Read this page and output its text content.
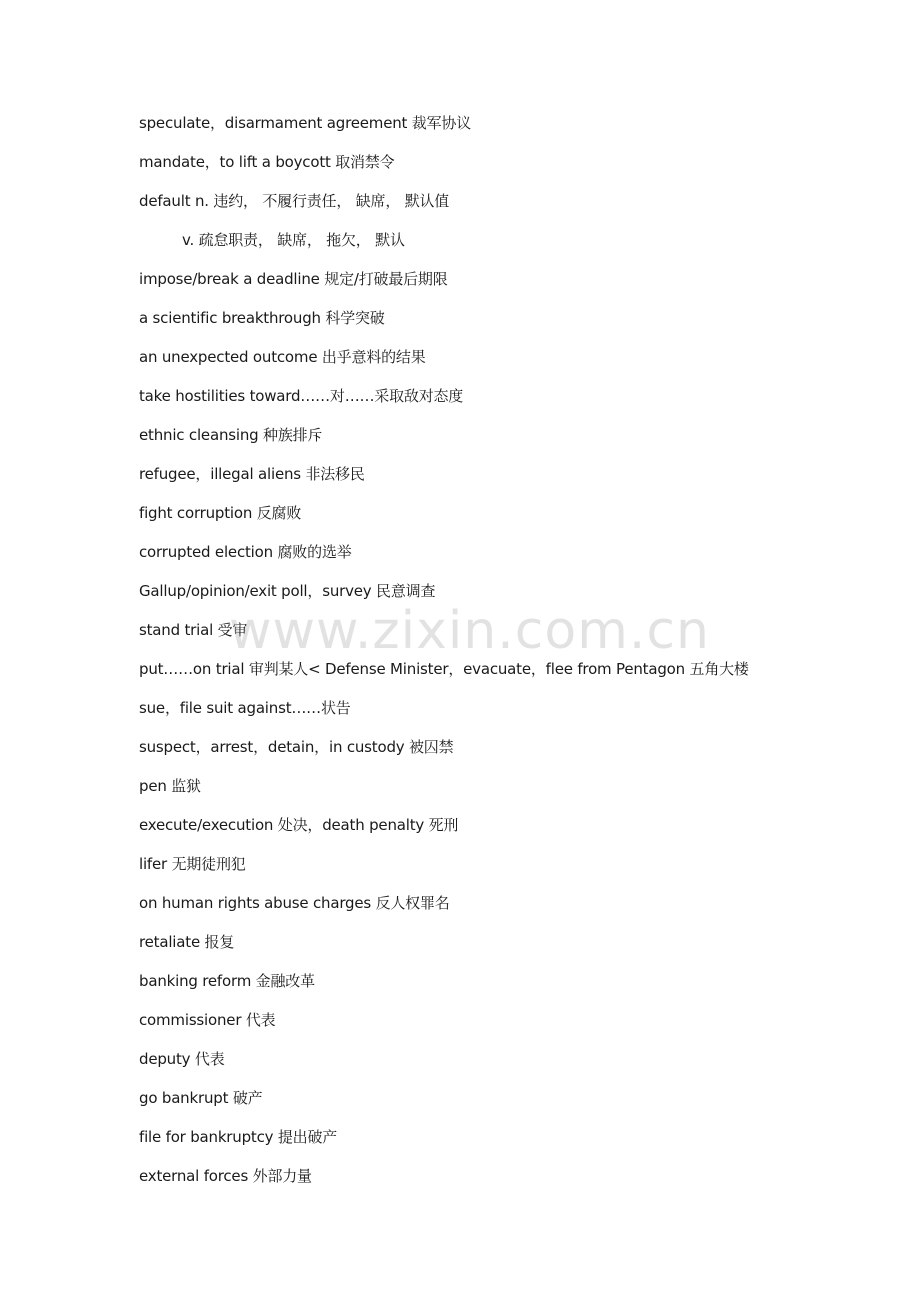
speculate，disarmament agreement 裁军协议
mandate，to lift a boycott 取消禁令
default n. 违约， 不履行责任， 缺席， 默认值
v. 疏怠职责， 缺席， 拖欠， 默认
impose/break a deadline 规定/打破最后期限
a scientific breakthrough 科学突破
an unexpected outcome 出乎意料的结果
take hostilities toward……对……采取敌对态度
ethnic cleansing 种族排斥
refugee，illegal aliens 非法移民
fight corruption 反腐败
corrupted election 腐败的选举
Gallup/opinion/exit poll，survey 民意调查
stand trial 受审
put……on trial 审判某人< Defense Minister，evacuate，flee from Pentagon 五角大楼
sue，file suit against……状告
suspect，arrest，detain，in custody 被囚禁
pen 监狱
execute/execution 处决，death penalty 死刑
lifer 无期徒刑犯
on human rights abuse charges 反人权罪名
retaliate 报复
banking reform 金融改革
commissioner 代表
deputy 代表
go bankrupt 破产
file for bankruptcy 提出破产
external forces 外部力量
www.zixin.com.cn
